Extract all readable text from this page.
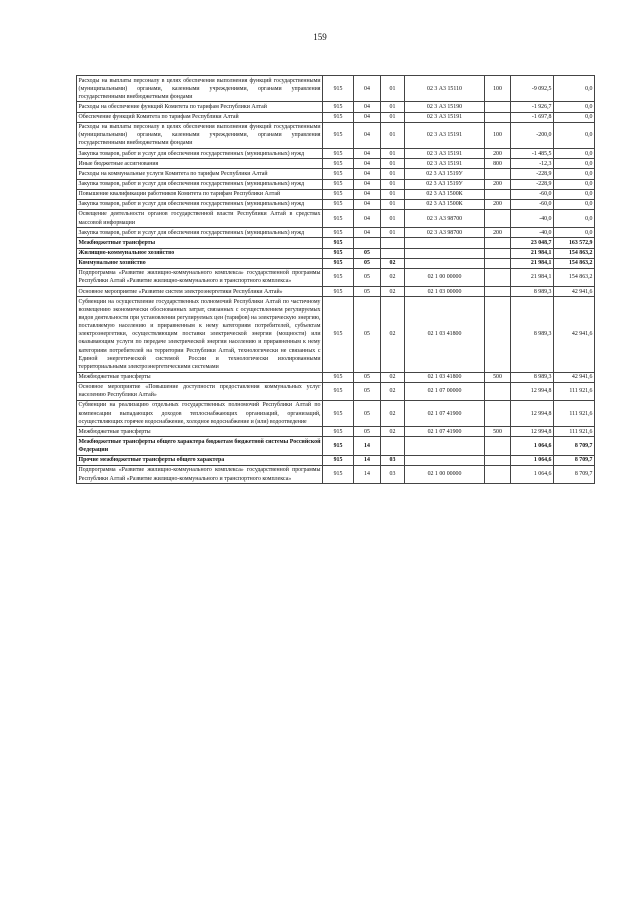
159
Расходы на выплаты персоналу в целях обеспечения выполнения функций государственными (муниципальными) органами, казенными учреждениями, органами управления государственными внебюджетными фондами	915	04	01	02 3 А3 15110	100	-9 092,5	0,0
Расходы на обеспечение функций Комитета по тарифам Республики Алтай	915	04	01	02 3 А3 15190		-1 926,7	0,0
Обеспечение функций Комитета по тарифам Республики Алтай	915	04	01	02 3 А3 15191		-1 697,8	0,0
Расходы на выплаты персоналу в целях обеспечения выполнения функций государственными (муниципальными) органами, казенными учреждениями, органами управления государственными внебюджетными фондами	915	04	01	02 3 А3 15191	100	-200,0	0,0
Закупка товаров, работ и услуг для обеспечения государственных (муниципальных) нужд	915	04	01	02 3 А3 15191	200	-1 485,5	0,0
Иные бюджетные ассигнования	915	04	01	02 3 А3 15191	800	-12,3	0,0
Расходы на коммунальные услуги Комитета по тарифам Республики Алтай	915	04	01	02 3 А3 1519У		-228,9	0,0
Закупка товаров, работ и услуг для обеспечения государственных (муниципальных) нужд	915	04	01	02 3 А3 1519У	200	-228,9	0,0
Повышение квалификации работников Комитета по тарифам Республики Алтай	915	04	01	02 3 А3 1500К		-60,0	0,0
Закупка товаров, работ и услуг для обеспечения государственных (муниципальных) нужд	915	04	01	02 3 А3 1500К	200	-60,0	0,0
Освещение деятельности органов государственной власти Республики Алтай в средствах массовой информации	915	04	01	02 3 А3 98700		-40,0	0,0
Закупка товаров, работ и услуг для обеспечения государственных (муниципальных) нужд	915	04	01	02 3 А3 98700	200	-40,0	0,0
Межбюджетные трансферты	915					23 048,7	163 572,9
Жилищно-коммунальное хозяйство	915	05				21 984,1	154 863,2
Коммунальное хозяйство	915	05	02			21 984,1	154 863,2
Подпрограмма «Развитие жилищно-коммунального комплекса» государственной программы Республики Алтай «Развитие жилищно-коммунального и транспортного комплекса»	915	05	02	02 1 00 00000		21 984,1	154 863,2
Основное мероприятие «Развитие систем электроэнергетики Республики Алтай»	915	05	02	02 1 03 00000		8 989,3	42 941,6
Субвенции на осуществление государственных полномочий Республики Алтай по частичному возмещению экономически обоснованных затрат, связанных с осуществлением регулируемых видов деятельности при установлении регулируемых цен (тарифов) на электрическую энергию, поставляемую населению и приравненным к нему категориям потребителей, субъектам электроэнергетики, осуществляющим поставки электрической энергии (мощности) или оказывающим услуги по передаче электрической энергии населению и приравненным к нему категориям потребителей на территории Республики Алтай, технологически не связанных с Единой энергетической системой России и технологически изолированными территориальными электроэнергетическими системами	915	05	02	02 1 03 41800		8 989,3	42 941,6
Межбюджетные трансферты	915	05	02	02 1 03 41800	500	8 989,3	42 941,6
Основное мероприятие «Повышение доступности предоставления коммунальных услуг населению Республики Алтай»	915	05	02	02 1 07 00000		12 994,8	111 921,6
Субвенции на реализацию отдельных государственных полномочий Республики Алтай по компенсации выпадающих доходов теплоснабжающих организаций, организаций, осуществляющих горячее водоснабжение, холодное водоснабжение и (или) водоотведение	915	05	02	02 1 07 41900		12 994,8	111 921,6
Межбюджетные трансферты	915	05	02	02 1 07 41900	500	12 994,8	111 921,6
Межбюджетные трансферты общего характера бюджетам бюджетной системы Российской Федерации	915	14				1 064,6	8 709,7
Прочие межбюджетные трансферты общего характера	915	14	03			1 064,6	8 709,7
Подпрограмма «Развитие жилищно-коммунального комплекса» государственной программы Республики Алтай «Развитие жилищно-коммунального и транспортного комплекса»	915	14	03	02 1 00 00000		1 064,6	8 709,7
